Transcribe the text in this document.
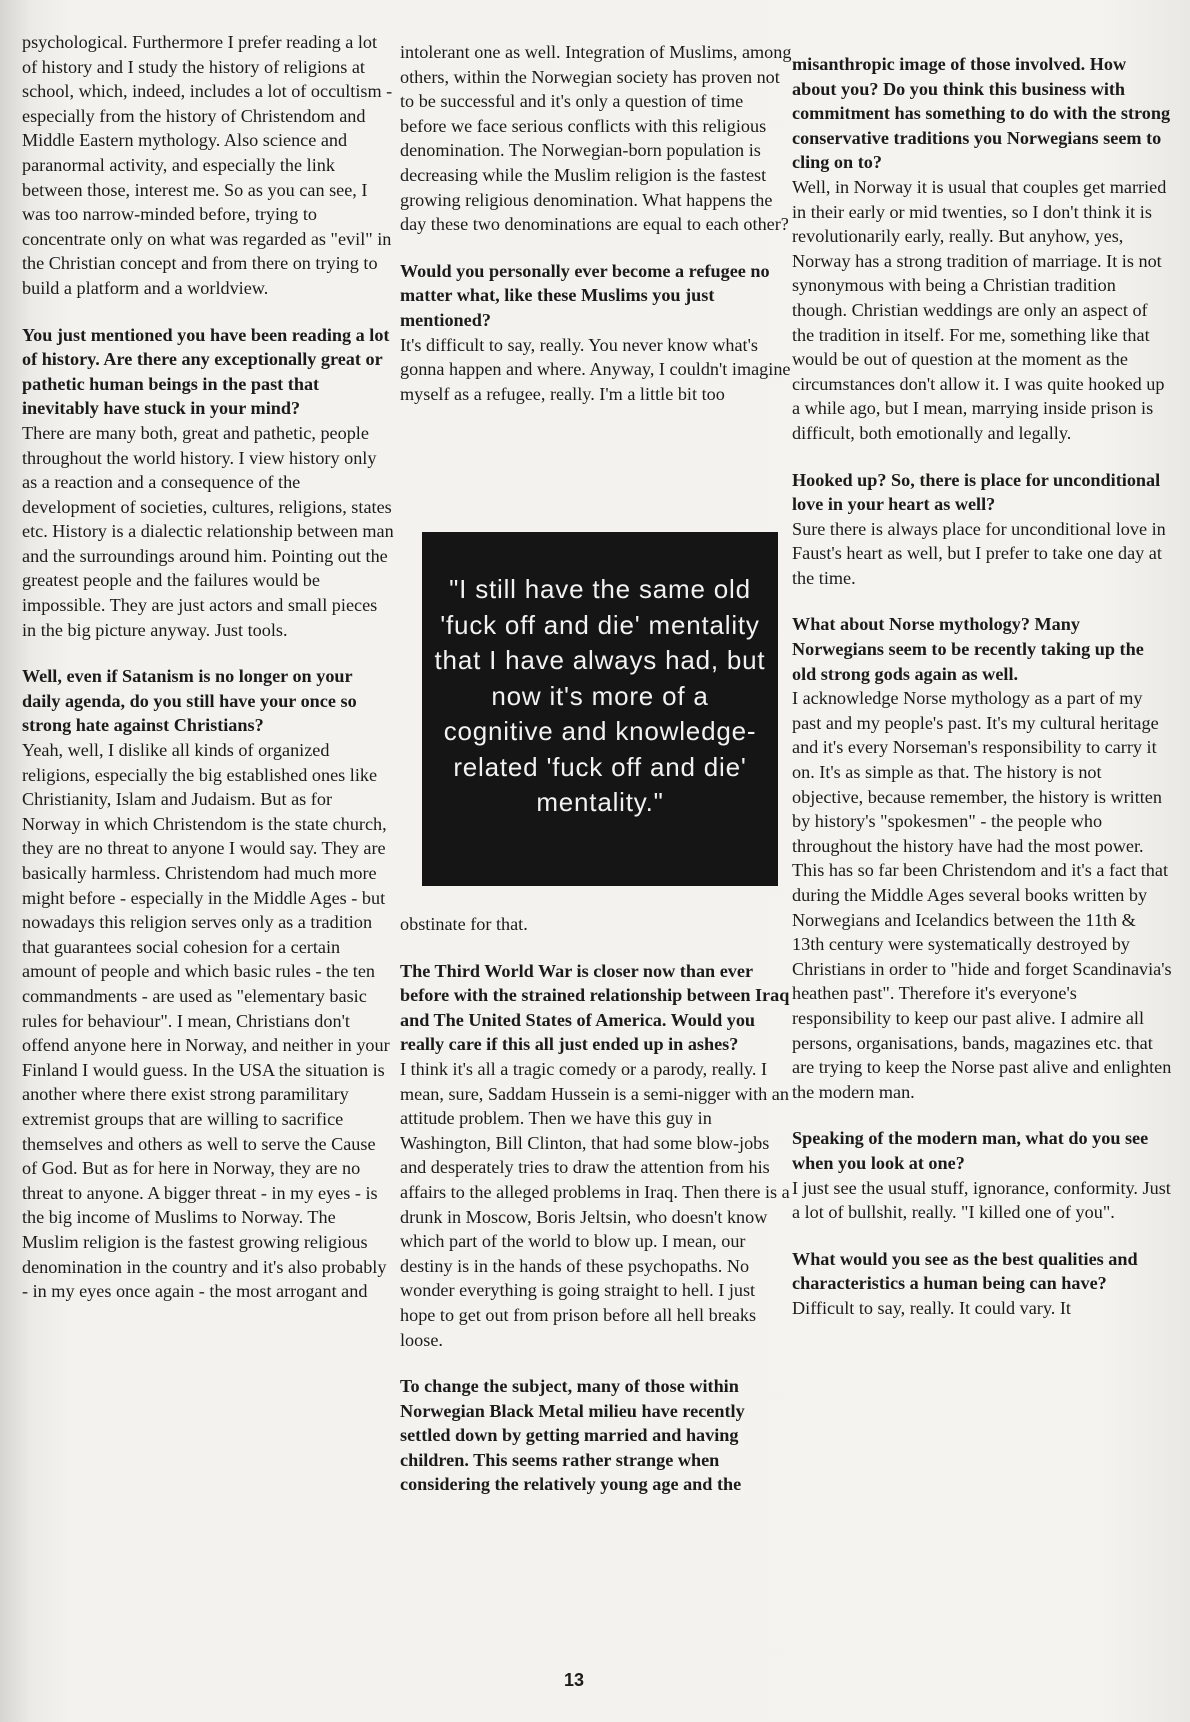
psychological. Furthermore I prefer reading a lot of history and I study the history of religions at school, which, indeed, includes a lot of occultism - especially from the history of Christendom and Middle Eastern mythology. Also science and paranormal activity, and especially the link between those, interest me. So as you can see, I was too narrow-minded before, trying to concentrate only on what was regarded as "evil" in the Christian concept and from there on trying to build a platform and a worldview.

You just mentioned you have been reading a lot of history. Are there any exceptionally great or pathetic human beings in the past that inevitably have stuck in your mind?
There are many both, great and pathetic, people throughout the world history. I view history only as a reaction and a consequence of the development of societies, cultures, religions, states etc. History is a dialectic relationship between man and the surroundings around him. Pointing out the greatest people and the failures would be impossible. They are just actors and small pieces in the big picture anyway. Just tools.

Well, even if Satanism is no longer on your daily agenda, do you still have your once so strong hate against Christians?
Yeah, well, I dislike all kinds of organized religions, especially the big established ones like Christianity, Islam and Judaism. But as for Norway in which Christendom is the state church, they are no threat to anyone I would say. They are basically harmless. Christendom had much more might before - especially in the Middle Ages - but nowadays this religion serves only as a tradition that guarantees social cohesion for a certain amount of people and which basic rules - the ten commandments - are used as "elementary basic rules for behaviour". I mean, Christians don't offend anyone here in Norway, and neither in your Finland I would guess. In the USA the situation is another where there exist strong paramilitary extremist groups that are willing to sacrifice themselves and others as well to serve the Cause of God. But as for here in Norway, they are no threat to anyone. A bigger threat - in my eyes - is the big income of Muslims to Norway. The Muslim religion is the fastest growing religious denomination in the country and it's also probably - in my eyes once again - the most arrogant and

intolerant one as well. Integration of Muslims, among others, within the Norwegian society has proven not to be successful and it's only a question of time before we face serious conflicts with this religious denomination. The Norwegian-born population is decreasing while the Muslim religion is the fastest growing religious denomination. What happens the day these two denominations are equal to each other?

Would you personally ever become a refugee no matter what, like these Muslims you just mentioned?
It's difficult to say, really. You never know what's gonna happen and where. Anyway, I couldn't imagine myself as a refugee, really. I'm a little bit too

"I still have the same old 'fuck off and die' mentality that I have always had, but now it's more of a cognitive and knowledge-related 'fuck off and die' mentality."

obstinate for that.

The Third World War is closer now than ever before with the strained relationship between Iraq and The United States of America. Would you really care if this all just ended up in ashes?
I think it's all a tragic comedy or a parody, really. I mean, sure, Saddam Hussein is a semi-nigger with an attitude problem. Then we have this guy in Washington, Bill Clinton, that had some blow-jobs and desperately tries to draw the attention from his affairs to the alleged problems in Iraq. Then there is a drunk in Moscow, Boris Jeltsin, who doesn't know which part of the world to blow up. I mean, our destiny is in the hands of these psychopaths. No wonder everything is going straight to hell. I just hope to get out from prison before all hell breaks loose.

To change the subject, many of those within Norwegian Black Metal milieu have recently settled down by getting married and having children. This seems rather strange when considering the relatively young age and the

misanthropic image of those involved. How about you? Do you think this business with commitment has something to do with the strong conservative traditions you Norwegians seem to cling on to?
Well, in Norway it is usual that couples get married in their early or mid twenties, so I don't think it is revolutionarily early, really. But anyhow, yes, Norway has a strong tradition of marriage. It is not synonymous with being a Christian tradition though. Christian weddings are only an aspect of the tradition in itself. For me, something like that would be out of question at the moment as the circumstances don't allow it. I was quite hooked up a while ago, but I mean, marrying inside prison is difficult, both emotionally and legally.

Hooked up? So, there is place for unconditional love in your heart as well?
Sure there is always place for unconditional love in Faust's heart as well, but I prefer to take one day at the time.

What about Norse mythology? Many Norwegians seem to be recently taking up the old strong gods again as well.
I acknowledge Norse mythology as a part of my past and my people's past. It's my cultural heritage and it's every Norseman's responsibility to carry it on. It's as simple as that. The history is not objective, because remember, the history is written by history's "spokesmen" - the people who throughout the history have had the most power. This has so far been Christendom and it's a fact that during the Middle Ages several books written by Norwegians and Icelandics between the 11th & 13th century were systematically destroyed by Christians in order to "hide and forget Scandinavia's heathen past". Therefore it's everyone's responsibility to keep our past alive. I admire all persons, organisations, bands, magazines etc. that are trying to keep the Norse past alive and enlighten the modern man.

Speaking of the modern man, what do you see when you look at one?
I just see the usual stuff, ignorance, conformity. Just a lot of bullshit, really. "I killed one of you".

What would you see as the best qualities and characteristics a human being can have?
Difficult to say, really. It could vary. It

13
